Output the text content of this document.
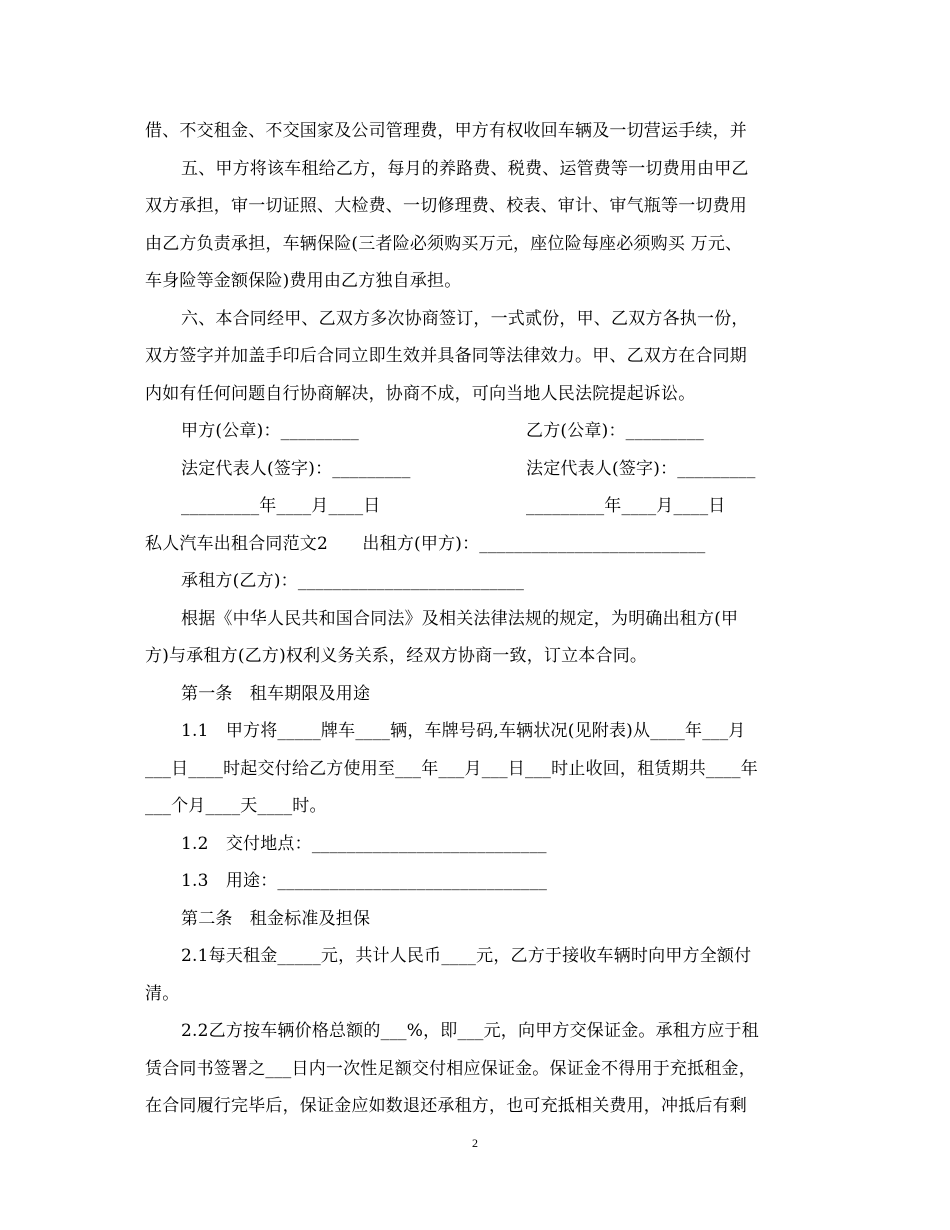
借、不交租金、不交国家及公司管理费，甲方有权收回车辆及一切营运手续，并
五、甲方将该车租给乙方，每月的养路费、税费、运管费等一切费用由甲乙
双方承担，审一切证照、大检费、一切修理费、校表、审计、审气瓶等一切费用
由乙方负责承担，车辆保险(三者险必须购买万元，座位险每座必须购买 万元、
车身险等金额保险)费用由乙方独自承担。
六、本合同经甲、乙双方多次协商签订，一式贰份，甲、乙双方各执一份，
双方签字并加盖手印后合同立即生效并具备同等法律效力。甲、乙双方在合同期
内如有任何问题自行协商解决，协商不成，可向当地人民法院提起诉讼。
甲方(公章)：_________	乙方(公章)：_________
法定代表人(签字)：_________	法定代表人(签字)：_________
_________年____月____日	_________年____月____日
私人汽车出租合同范文2　　出租方(甲方)：__________________________
承租方(乙方)：__________________________
根据《中华人民共和国合同法》及相关法律法规的规定，为明确出租方(甲
方)与承租方(乙方)权利义务关系，经双方协商一致，订立本合同。
第一条　租车期限及用途
1.1　甲方将_____牌车____辆，车牌号码,车辆状况(见附表)从____年___月
___日____时起交付给乙方使用至___年___月___日___时止收回，租赁期共____年
___个月____天____时。
1.2　交付地点：___________________________
1.3　用途：_______________________________
第二条　租金标准及担保
2.1每天租金_____元，共计人民币____元，乙方于接收车辆时向甲方全额付
清。
2.2乙方按车辆价格总额的___%，即___元，向甲方交保证金。承租方应于租
赁合同书签署之___日内一次性足额交付相应保证金。保证金不得用于充抵租金，
在合同履行完毕后，保证金应如数退还承租方，也可充抵相关费用，冲抵后有剩
2
